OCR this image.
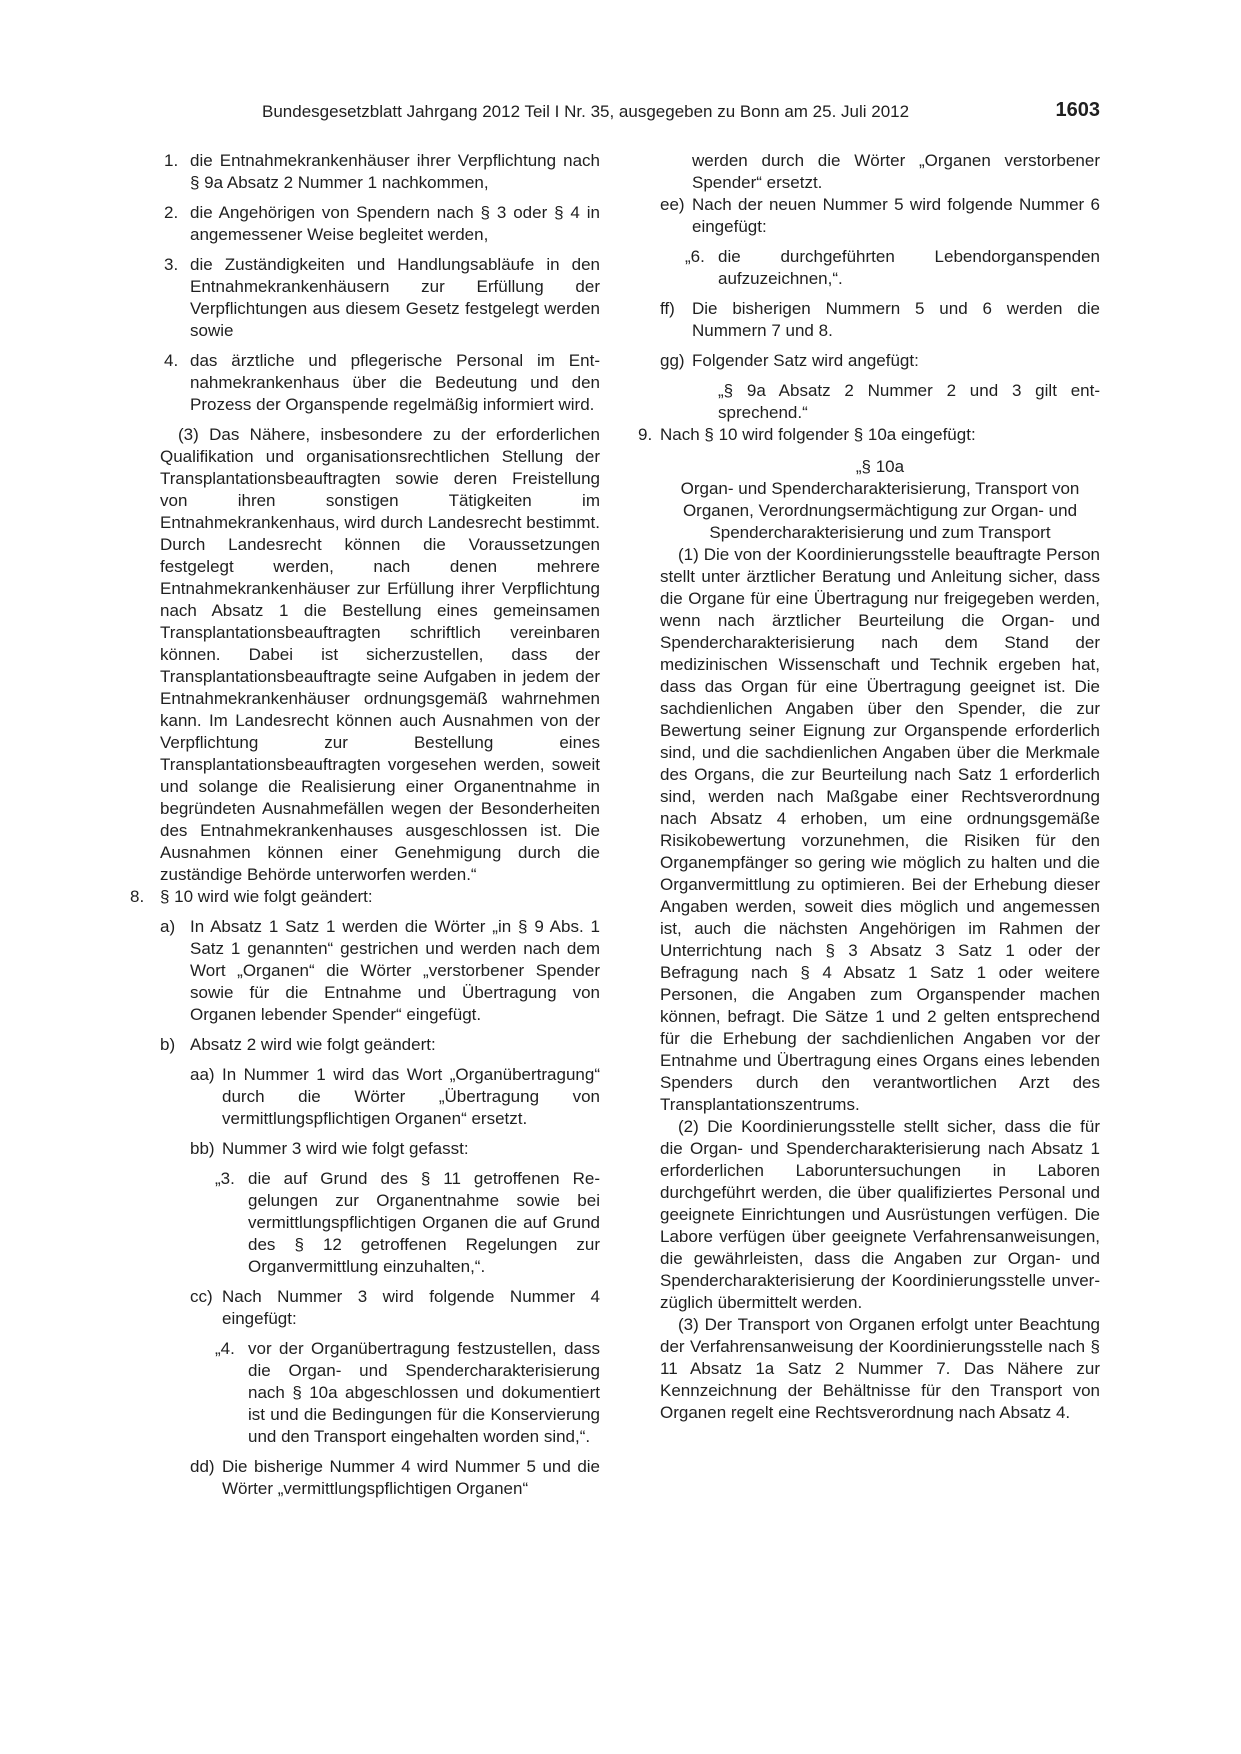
Bundesgesetzblatt Jahrgang 2012 Teil I Nr. 35, ausgegeben zu Bonn am 25. Juli 2012	1603

1. die Entnahmekrankenhäuser ihrer Verpflichtung nach § 9a Absatz 2 Nummer 1 nachkommen,

2. die Angehörigen von Spendern nach § 3 oder § 4 in angemessener Weise begleitet werden,

3. die Zuständigkeiten und Handlungsabläufe in den Entnahmekrankenhäusern zur Erfüllung der Verpflichtungen aus diesem Gesetz festgelegt werden sowie

4. das ärztliche und pflegerische Personal im Entnahmekrankenhaus über die Bedeutung und den Prozess der Organspende regelmäßig informiert wird.

(3) Das Nähere, insbesondere zu der erforderlichen Qualifikation und organisationsrechtlichen Stellung der Transplantationsbeauftragten sowie deren Freistellung von ihren sonstigen Tätigkeiten im Entnahmekrankenhaus, wird durch Landesrecht bestimmt. Durch Landesrecht können die Voraussetzungen festgelegt werden, nach denen mehrere Entnahmekrankenhäuser zur Erfüllung ihrer Verpflichtung nach Absatz 1 die Bestellung eines gemeinsamen Transplantationsbeauftragten schriftlich vereinbaren können. Dabei ist sicherzustellen, dass der Transplantationsbeauftragte seine Aufgaben in jedem der Entnahmekrankenhäuser ordnungsgemäß wahrnehmen kann. Im Landesrecht können auch Ausnahmen von der Verpflichtung zur Bestellung eines Transplantationsbeauftragten vorgesehen werden, soweit und solange die Realisierung einer Organentnahme in begründeten Ausnahmefällen wegen der Besonderheiten des Entnahmekrankenhauses ausgeschlossen ist. Die Ausnahmen können einer Genehmigung durch die zuständige Behörde unterworfen werden.“

8. § 10 wird wie folgt geändert:

a) In Absatz 1 Satz 1 werden die Wörter „in § 9 Abs. 1 Satz 1 genannten“ gestrichen und werden nach dem Wort „Organen“ die Wörter „verstorbener Spender sowie für die Entnahme und Übertragung von Organen lebender Spender“ eingefügt.

b) Absatz 2 wird wie folgt geändert:

aa) In Nummer 1 wird das Wort „Organübertragung“ durch die Wörter „Übertragung von vermittlungspflichtigen Organen“ ersetzt.

bb) Nummer 3 wird wie folgt gefasst:

„3. die auf Grund des § 11 getroffenen Regelungen zur Organentnahme sowie bei vermittlungspflichtigen Organen die auf Grund des § 12 getroffenen Regelungen zur Organvermittlung einzuhalten,“.

cc) Nach Nummer 3 wird folgende Nummer 4 eingefügt:

„4. vor der Organübertragung festzustellen, dass die Organ- und Spendercharakterisierung nach § 10a abgeschlossen und dokumentiert ist und die Bedingungen für die Konservierung und den Transport eingehalten worden sind,“.

dd) Die bisherige Nummer 4 wird Nummer 5 und die Wörter „vermittlungspflichtigen Organen“

werden durch die Wörter „Organen verstorbener Spender“ ersetzt.

ee) Nach der neuen Nummer 5 wird folgende Nummer 6 eingefügt:

„6. die durchgeführten Lebendorganspenden aufzuzeichnen,“.

ff) Die bisherigen Nummern 5 und 6 werden die Nummern 7 und 8.

gg) Folgender Satz wird angefügt:

„§ 9a Absatz 2 Nummer 2 und 3 gilt entsprechend.“

9. Nach § 10 wird folgender § 10a eingefügt:

„§ 10a

Organ- und Spendercharakterisierung, Transport von Organen, Verordnungsermächtigung zur Organ- und Spendercharakterisierung und zum Transport

(1) Die von der Koordinierungsstelle beauftragte Person stellt unter ärztlicher Beratung und Anleitung sicher, dass die Organe für eine Übertragung nur freigegeben werden, wenn nach ärztlicher Beurteilung die Organ- und Spendercharakterisierung nach dem Stand der medizinischen Wissenschaft und Technik ergeben hat, dass das Organ für eine Übertragung geeignet ist. Die sachdienlichen Angaben über den Spender, die zur Bewertung seiner Eignung zur Organspende erforderlich sind, und die sachdienlichen Angaben über die Merkmale des Organs, die zur Beurteilung nach Satz 1 erforderlich sind, werden nach Maßgabe einer Rechtsverordnung nach Absatz 4 erhoben, um eine ordnungsgemäße Risikobewertung vorzunehmen, die Risiken für den Organempfänger so gering wie möglich zu halten und die Organvermittlung zu optimieren. Bei der Erhebung dieser Angaben werden, soweit dies möglich und angemessen ist, auch die nächsten Angehörigen im Rahmen der Unterrichtung nach § 3 Absatz 3 Satz 1 oder der Befragung nach § 4 Absatz 1 Satz 1 oder weitere Personen, die Angaben zum Organspender machen können, befragt. Die Sätze 1 und 2 gelten entsprechend für die Erhebung der sachdienlichen Angaben vor der Entnahme und Übertragung eines Organs eines lebenden Spenders durch den verantwortlichen Arzt des Transplantationszentrums.

(2) Die Koordinierungsstelle stellt sicher, dass die für die Organ- und Spendercharakterisierung nach Absatz 1 erforderlichen Laboruntersuchungen in Laboren durchgeführt werden, die über qualifiziertes Personal und geeignete Einrichtungen und Ausrüstungen verfügen. Die Labore verfügen über geeignete Verfahrensanweisungen, die gewährleisten, dass die Angaben zur Organ- und Spendercharakterisierung der Koordinierungsstelle unverzüglich übermittelt werden.

(3) Der Transport von Organen erfolgt unter Beachtung der Verfahrensanweisung der Koordinierungsstelle nach § 11 Absatz 1a Satz 2 Nummer 7. Das Nähere zur Kennzeichnung der Behältnisse für den Transport von Organen regelt eine Rechtsverordnung nach Absatz 4.
